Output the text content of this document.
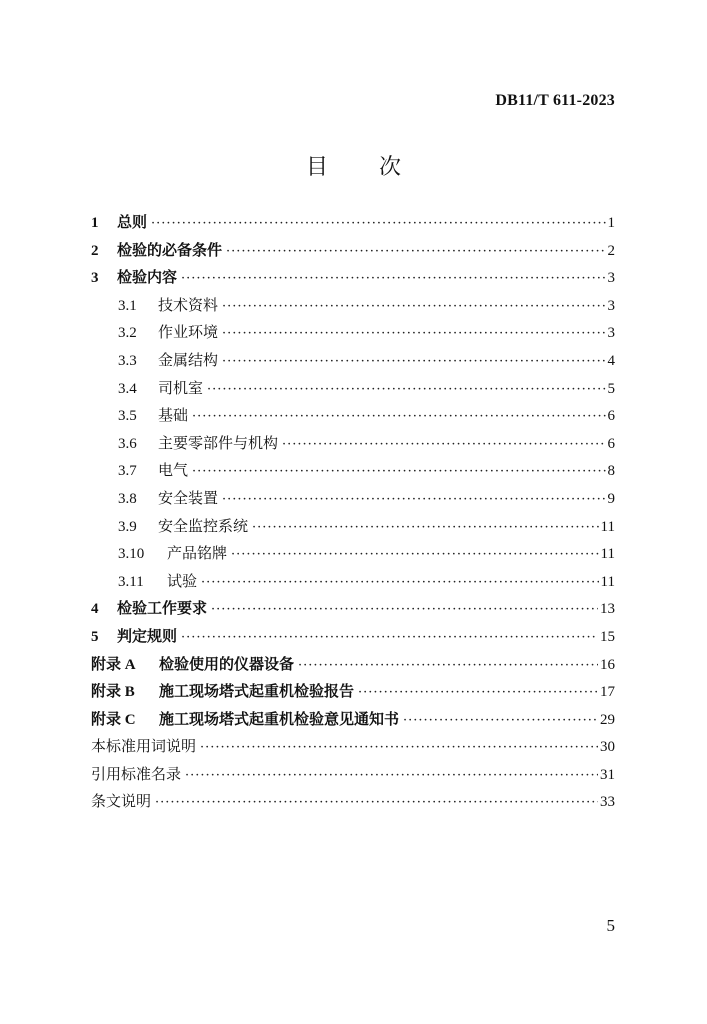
DB11/T 611-2023
目 次
1	总则 ·····	1
2	检验的必备条件 ·····	2
3	检验内容 ·····	3
3.1	技术资料 ·····	3
3.2	作业环境 ·····	3
3.3	金属结构 ·····	4
3.4	司机室 ·····	5
3.5	基础 ·····	6
3.6	主要零部件与机构 ·····	6
3.7	电气 ·····	8
3.8	安全装置 ·····	9
3.9	安全监控系统 ·····	11
3.10	产品铭牌 ·····	11
3.11	试验 ·····	11
4	检验工作要求 ·····	13
5	判定规则 ·····	15
附录 A	检验使用的仪器设备 ·····	16
附录 B	施工现场塔式起重机检验报告 ·····	17
附录 C	施工现场塔式起重机检验意见通知书 ·····	29
本标准用词说明 ·····	30
引用标准名录 ·····	31
条文说明 ·····	33
5
